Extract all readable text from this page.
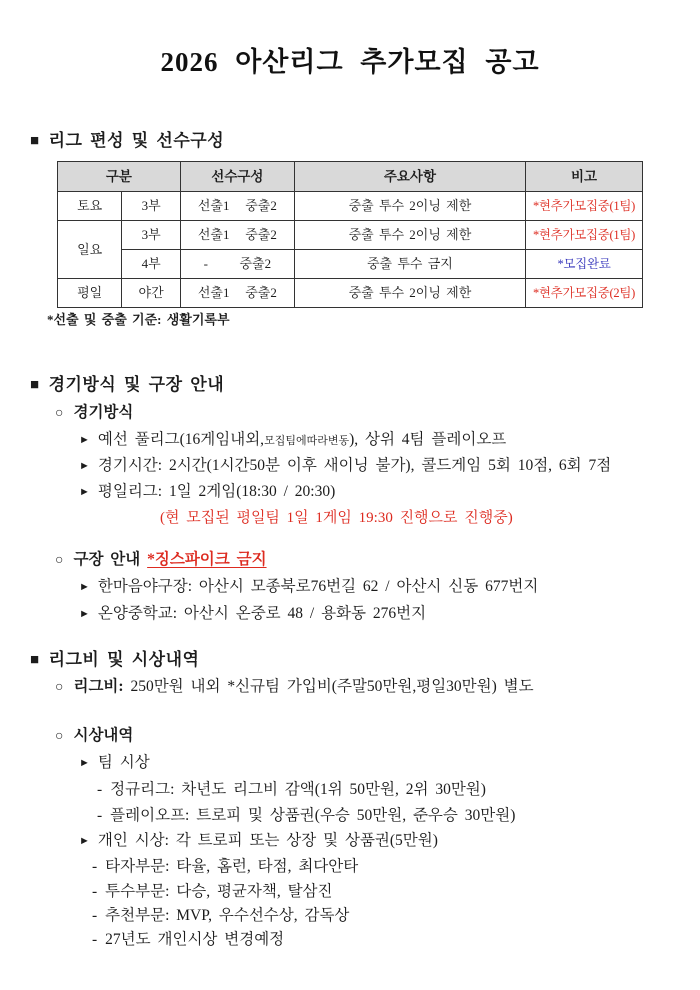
2026 아산리그 추가모집 공고
■ 리그 편성 및 선수구성
구분		선수구성	주요사항	비고
토요	3부	선출1   중출2	중출 투수 2이닝 제한	*현추가모집중(1팀)
일요	3부	선출1   중출2	중출 투수 2이닝 제한	*현추가모집중(1팀)
	4부	-      중출2	중출 투수 금지	*모집완료
평일	야간	선출1   중출2	중출 투수 2이닝 제한	*현추가모집중(2팀)
*선출 및 중출 기준: 생활기록부
■ 경기방식 및 구장 안내
○ 경기방식
► 예선 풀리그(16게임내외,모집팀에따라변동), 상위 4팀 플레이오프
► 경기시간: 2시간(1시간50분 이후 새이닝 불가), 콜드게임 5회 10점, 6회 7점
► 평일리그: 1일 2게임(18:30 / 20:30)
(현 모집된 평일팀 1일 1게임 19:30 진행으로 진행중)
○ 구장 안내 *징스파이크 금지
► 한마음야구장: 아산시 모종북로76번길 62 / 아산시 신동 677번지
► 온양중학교: 아산시 온중로 48 / 용화동 276번지
■ 리그비 및 시상내역
○ 리그비: 250만원 내외 *신규팀 가입비(주말50만원,평일30만원) 별도
○ 시상내역
► 팀 시상
- 정규리그: 차년도 리그비 감액(1위 50만원, 2위 30만원)
- 플레이오프: 트로피 및 상품권(우승 50만원, 준우승 30만원)
► 개인 시상: 각 트로피 또는 상장 및 상품권(5만원)
- 타자부문: 타율, 홈런, 타점, 최다안타
- 투수부문: 다승, 평균자책, 탈삼진
- 추천부문: MVP, 우수선수상, 감독상
- 27년도 개인시상 변경예정
